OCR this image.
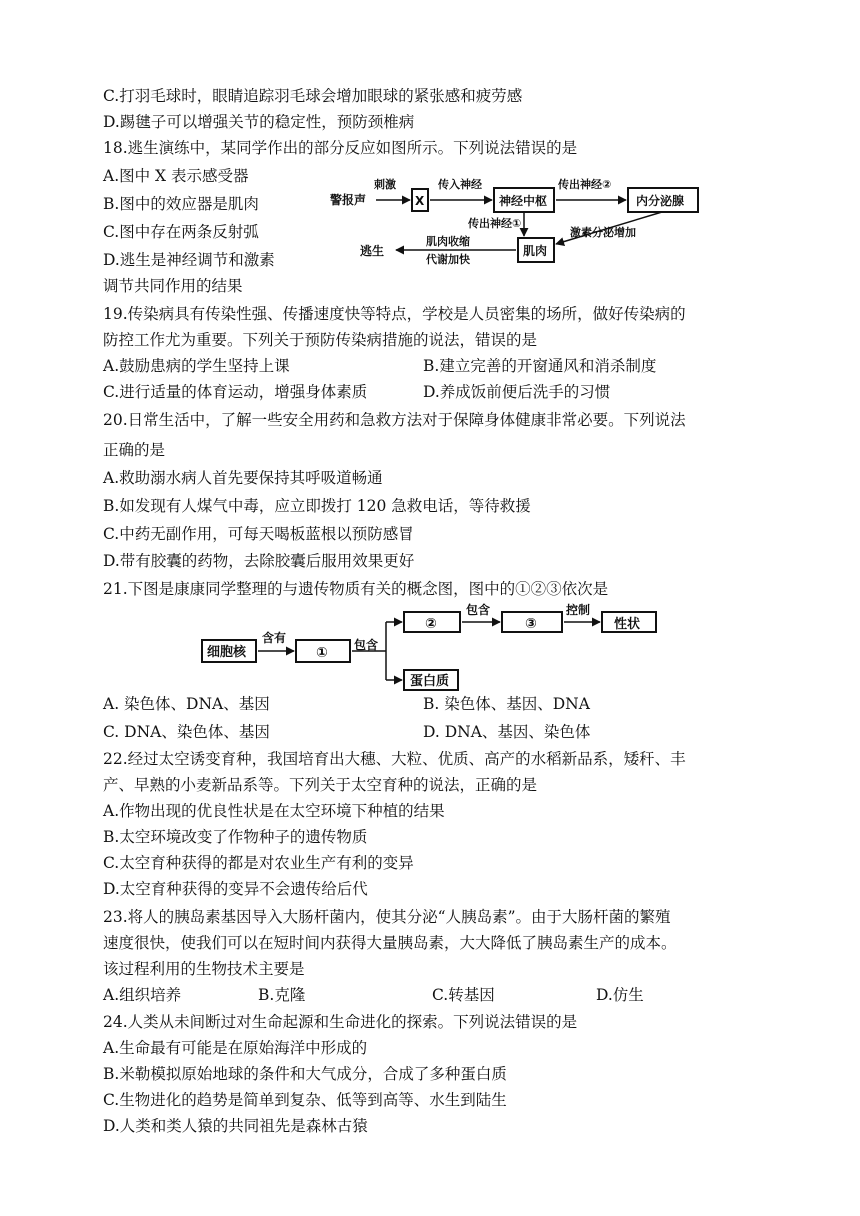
C.打羽毛球时，眼睛追踪羽毛球会增加眼球的紧张感和疲劳感
D.踢毽子可以增强关节的稳定性，预防颈椎病
18.逃生演练中，某同学作出的部分反应如图所示。下列说法错误的是
A.图中 X 表示感受器
B.图中的效应器是肌肉
C.图中存在两条反射弧
D.逃生是神经调节和激素
调节共同作用的结果
警报声
刺激
X
传入神经
神经中枢
传出神经②
内分泌腺
传出神经①
激素分泌增加
肌肉
肌肉收缩
代谢加快
逃生
19.传染病具有传染性强、传播速度快等特点，学校是人员密集的场所，做好传染病的
防控工作尤为重要。下列关于预防传染病措施的说法，错误的是
A.鼓励患病的学生坚持上课	B.建立完善的开窗通风和消杀制度
C.进行适量的体育运动，增强身体素质	D.养成饭前便后洗手的习惯
20.日常生活中，了解一些安全用药和急救方法对于保障身体健康非常必要。下列说法
正确的是
A.救助溺水病人首先要保持其呼吸道畅通
B.如发现有人煤气中毒，应立即拨打 120 急救电话，等待救援
C.中药无副作用，可每天喝板蓝根以预防感冒
D.带有胶囊的药物，去除胶囊后服用效果更好
21.下图是康康同学整理的与遗传物质有关的概念图，图中的①②③依次是
细胞核
含有
① 包含
②
包含
③
控制
性状
蛋白质
A. 染色体、DNA、基因	B. 染色体、基因、DNA
C. DNA、染色体、基因	D. DNA、基因、染色体
22.经过太空诱变育种，我国培育出大穗、大粒、优质、高产的水稻新品系，矮秆、丰
产、早熟的小麦新品系等。下列关于太空育种的说法，正确的是
A.作物出现的优良性状是在太空环境下种植的结果
B.太空环境改变了作物种子的遗传物质
C.太空育种获得的都是对农业生产有利的变异
D.太空育种获得的变异不会遗传给后代
23.将人的胰岛素基因导入大肠杆菌内，使其分泌“人胰岛素”。由于大肠杆菌的繁殖
速度很快，使我们可以在短时间内获得大量胰岛素，大大降低了胰岛素生产的成本。
该过程利用的生物技术主要是
A.组织培养	B.克隆	C.转基因	D.仿生
24.人类从未间断过对生命起源和生命进化的探索。下列说法错误的是
A.生命最有可能是在原始海洋中形成的
B.米勒模拟原始地球的条件和大气成分，合成了多种蛋白质
C.生物进化的趋势是简单到复杂、低等到高等、水生到陆生
D.人类和类人猿的共同祖先是森林古猿
